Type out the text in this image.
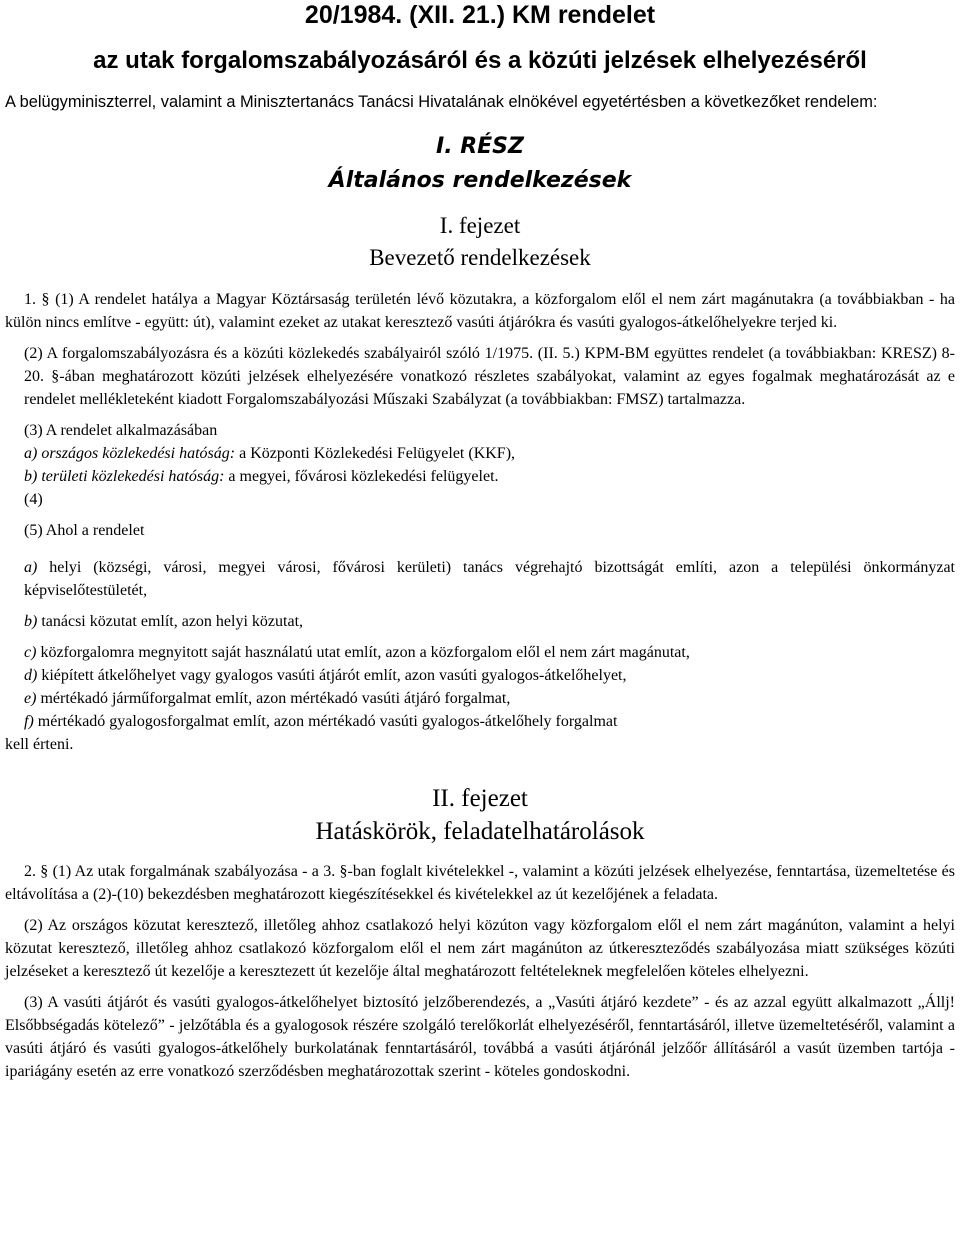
20/1984. (XII. 21.) KM rendelet
az utak forgalomszabályozásáról és a közúti jelzések elhelyezéséről

A belügyminiszterrel, valamint a Minisztertanács Tanácsi Hivatalának elnökével egyetértésben a következőket rendelem:

I. RÉSZ
Általános rendelkezések
I. fejezet
Bevezető rendelkezések

1. § (1) A rendelet hatálya a Magyar Köztársaság területén lévő közutakra, a közforgalom elől el nem zárt magánutakra (a továbbiakban - ha külön nincs említve - együtt: út), valamint ezeket az utakat keresztező vasúti átjárókra és vasúti gyalogos-átkelőhelyekre terjed ki.

(2) A forgalomszabályozásra és a közúti közlekedés szabályairól szóló 1/1975. (II. 5.) KPM-BM együttes rendelet (a továbbiakban: KRESZ) 8-20. §-ában meghatározott közúti jelzések elhelyezésére vonatkozó részletes szabályokat, valamint az egyes fogalmak meghatározását az e rendelet mellékleteként kiadott Forgalomszabályozási Műszaki Szabályzat (a továbbiakban: FMSZ) tartalmazza.

(3) A rendelet alkalmazásában

a) országos közlekedési hatóság: a Központi Közlekedési Felügyelet (KKF),

b) területi közlekedési hatóság: a megyei, fővárosi közlekedési felügyelet.

(4)

(5) Ahol a rendelet

a) helyi (községi, városi, megyei városi, fővárosi kerületi) tanács végrehajtó bizottságát említi, azon a települési önkormányzat képviselőtestületét,

b) tanácsi közutat említ, azon helyi közutat,

c) közforgalomra megnyitott saját használatú utat említ, azon a közforgalom elől el nem zárt magánutat,

d) kiépített átkelőhelyet vagy gyalogos vasúti átjárót említ, azon vasúti gyalogos-átkelőhelyet,

e) mértékadó járműforgalmat említ, azon mértékadó vasúti átjáró forgalmat,

f) mértékadó gyalogosforgalmat említ, azon mértékadó vasúti gyalogos-átkelőhely forgalmat

kell érteni.

II. fejezet
Hatáskörök, feladatelhatárolások

2. § (1) Az utak forgalmának szabályozása - a 3. §-ban foglalt kivételekkel -, valamint a közúti jelzések elhelyezése, fenntartása, üzemeltetése és eltávolítása a (2)-(10) bekezdésben meghatározott kiegészítésekkel és kivételekkel az út kezelőjének a feladata.

(2) Az országos közutat keresztező, illetőleg ahhoz csatlakozó helyi közúton vagy közforgalom elől el nem zárt magánúton, valamint a helyi közutat keresztező, illetőleg ahhoz csatlakozó közforgalom elől el nem zárt magánúton az útkereszteződés szabályozása miatt szükséges közúti jelzéseket a keresztező út kezelője a keresztezett út kezelője által meghatározott feltételeknek megfelelően köteles elhelyezni.

(3) A vasúti átjárót és vasúti gyalogos-átkelőhelyet biztosító jelzőberendezés, a „Vasúti átjáró kezdete” - és az azzal együtt alkalmazott „Állj! Elsőbbségadás kötelező” - jelzőtábla és a gyalogosok részére szolgáló terelőkorlát elhelyezéséről, fenntartásáról, illetve üzemeltetéséről, valamint a vasúti átjáró és vasúti gyalogos-átkelőhely burkolatának fenntartásáról, továbbá a vasúti átjárónál jelzőőr állításáról a vasút üzemben tartója - ipariágány esetén az erre vonatkozó szerződésben meghatározottak szerint - köteles gondoskodni.
